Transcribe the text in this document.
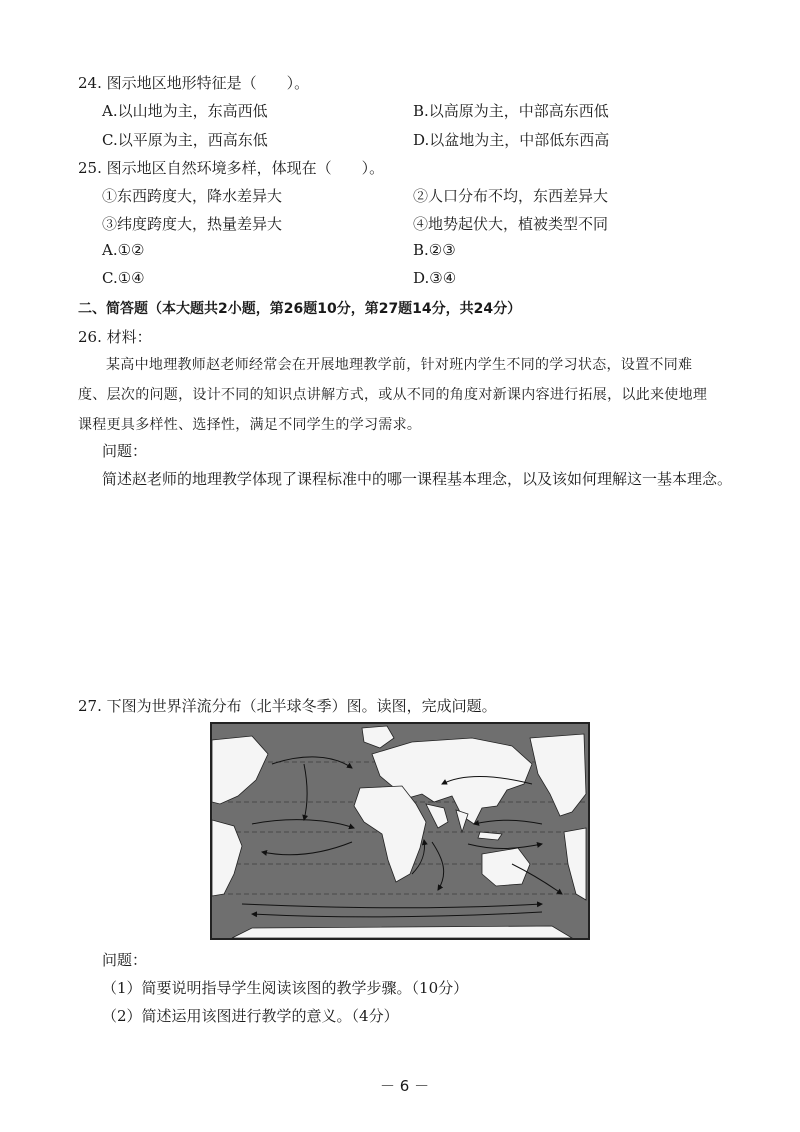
24. 图示地区地形特征是（　　）。
A.以山地为主，东高西低	B.以高原为主，中部高东西低
C.以平原为主，西高东低	D.以盆地为主，中部低东西高
25. 图示地区自然环境多样，体现在（　　）。
①东西跨度大，降水差异大	②人口分布不均，东西差异大
③纬度跨度大，热量差异大	④地势起伏大，植被类型不同
A.①②	B.②③
C.①④	D.③④
二、简答题（本大题共2小题，第26题10分，第27题14分，共24分）
26. 材料：
某高中地理教师赵老师经常会在开展地理教学前，针对班内学生不同的学习状态，设置不同难度、层次的问题，设计不同的知识点讲解方式，或从不同的角度对新课内容进行拓展，以此来使地理课程更具多样性、选择性，满足不同学生的学习需求。
问题：
简述赵老师的地理教学体现了课程标准中的哪一课程基本理念，以及该如何理解这一基本理念。
27. 下图为世界洋流分布（北半球冬季）图。读图，完成问题。
问题：
（1）简要说明指导学生阅读该图的教学步骤。（10分）
（2）简述运用该图进行教学的意义。（4分）
－ 6 －
